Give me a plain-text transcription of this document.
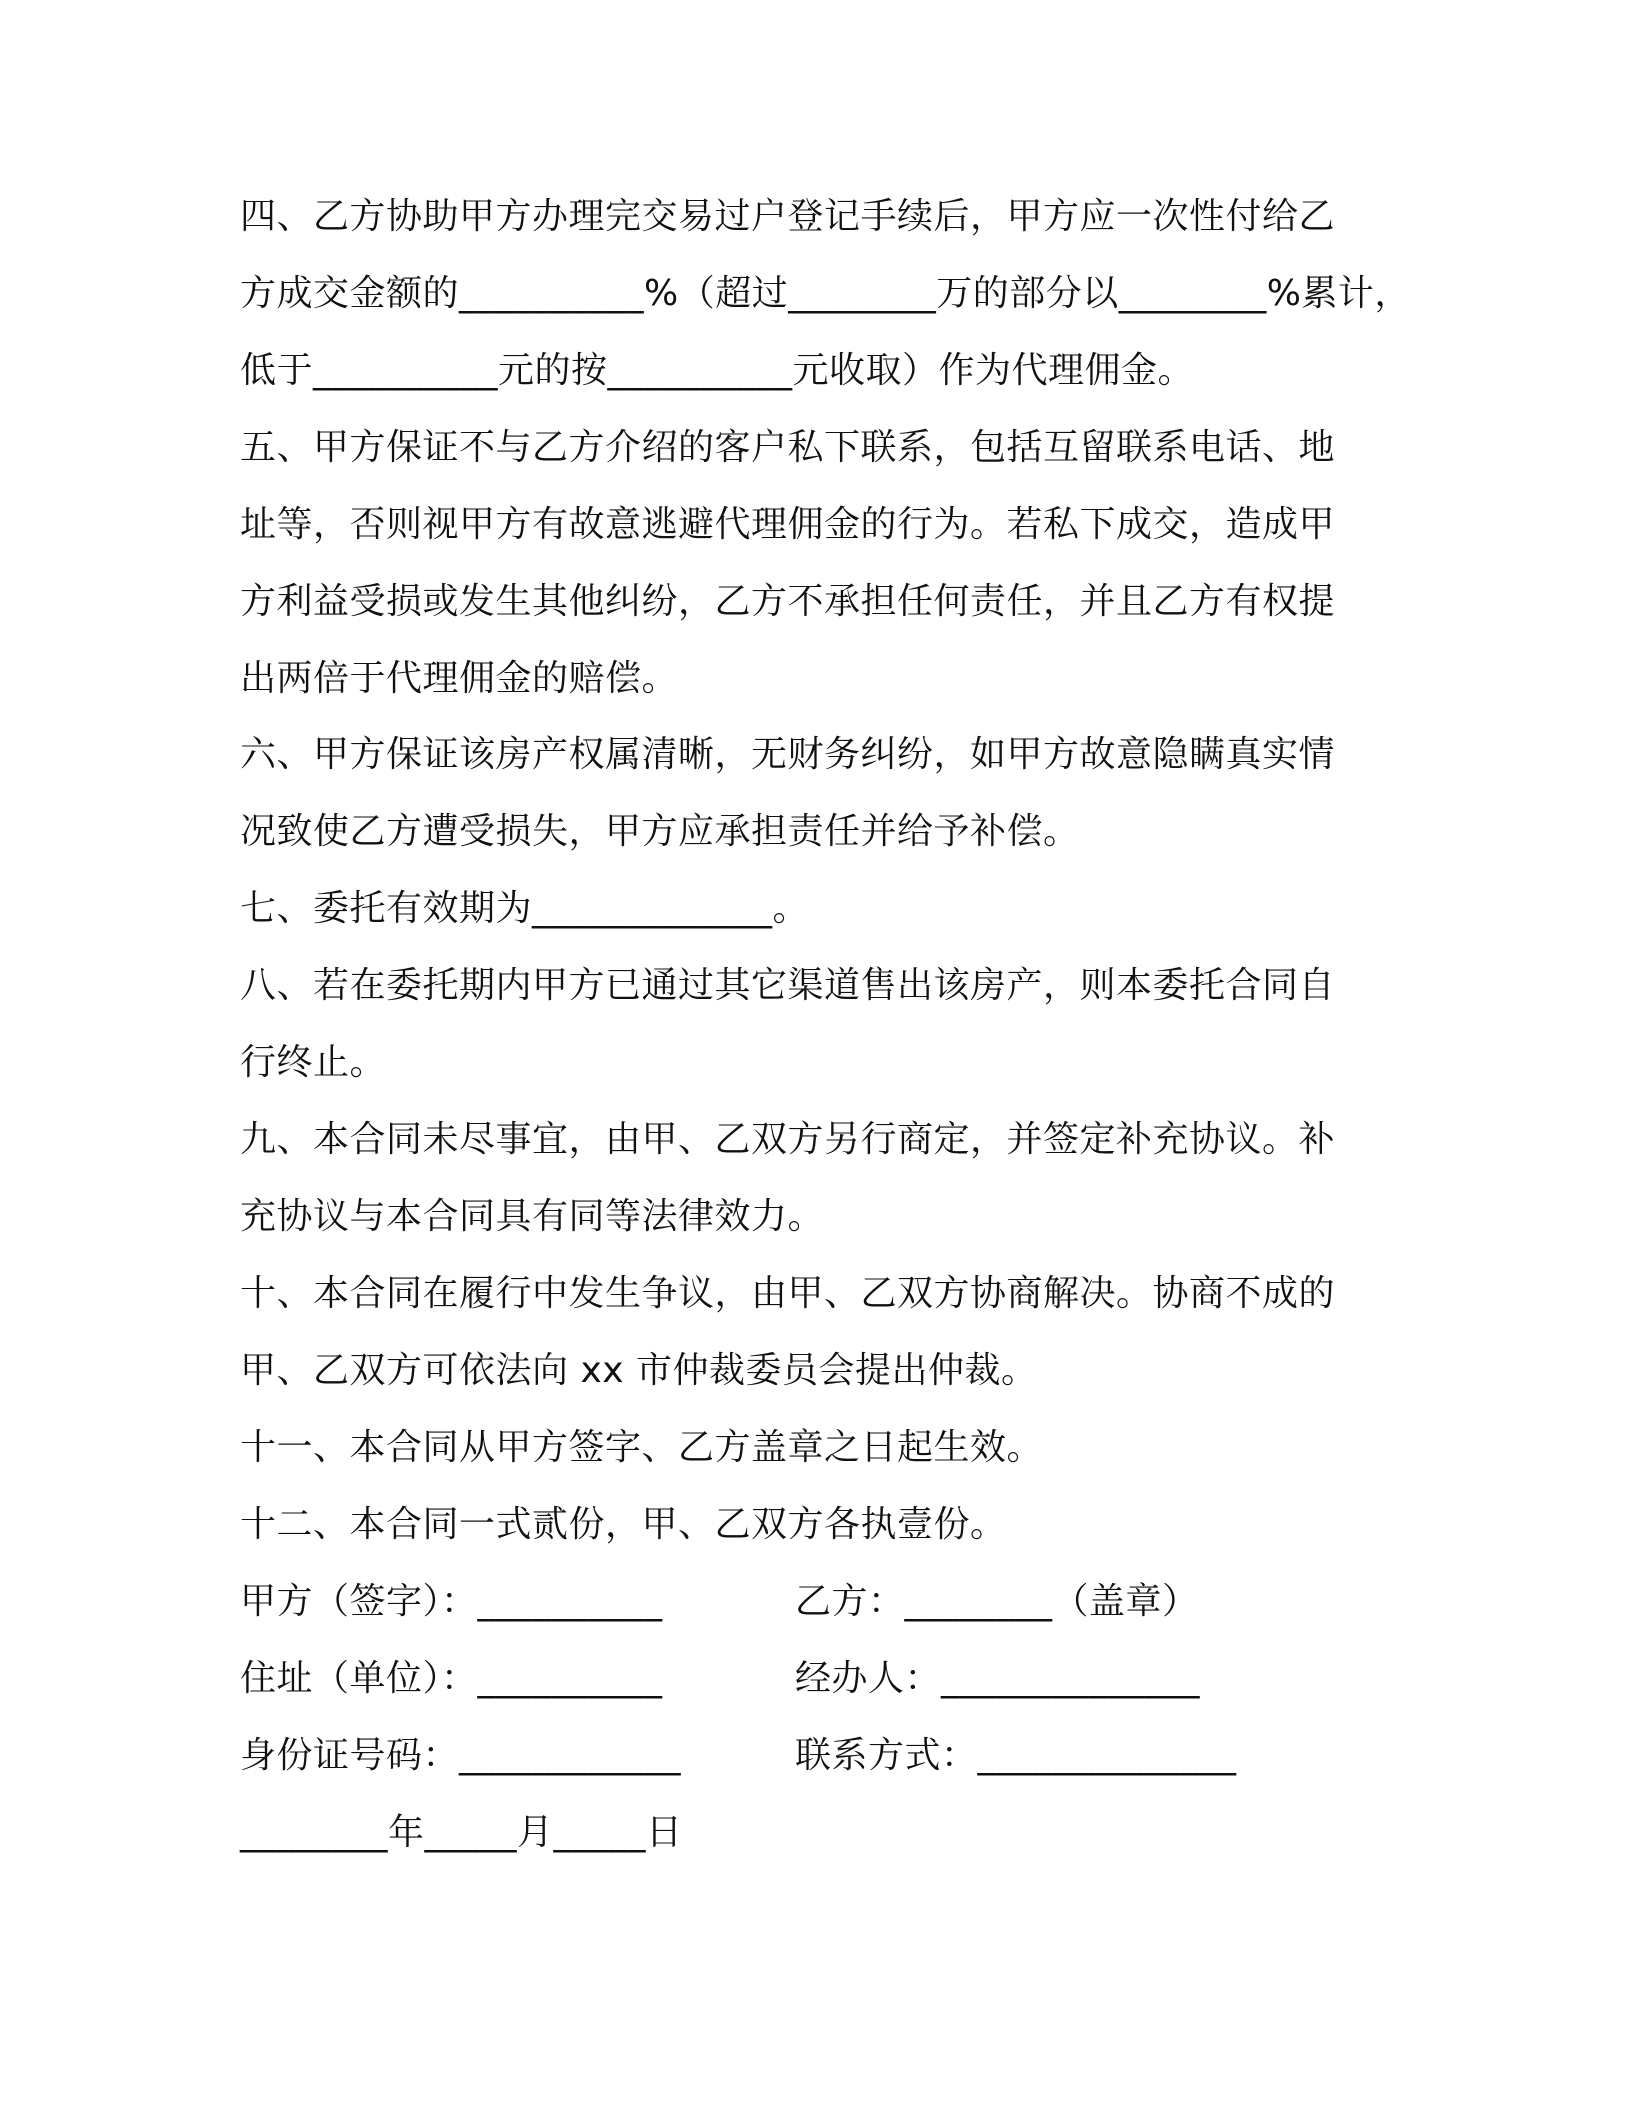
四、乙方协助甲方办理完交易过户登记手续后，甲方应一次性付给乙
方成交金额的__________%（超过________万的部分以________%累计，
低于__________元的按__________元收取）作为代理佣金。
五、甲方保证不与乙方介绍的客户私下联系，包括互留联系电话、地
址等，否则视甲方有故意逃避代理佣金的行为。若私下成交，造成甲
方利益受损或发生其他纠纷，乙方不承担任何责任，并且乙方有权提
出两倍于代理佣金的赔偿。
六、甲方保证该房产权属清晰，无财务纠纷，如甲方故意隐瞒真实情
况致使乙方遭受损失，甲方应承担责任并给予补偿。
七、委托有效期为_____________。
八、若在委托期内甲方已通过其它渠道售出该房产，则本委托合同自
行终止。
九、本合同未尽事宜，由甲、乙双方另行商定，并签定补充协议。补
充协议与本合同具有同等法律效力。
十、本合同在履行中发生争议，由甲、乙双方协商解决。协商不成的
甲、乙双方可依法向 xx 市仲裁委员会提出仲裁。
十一、本合同从甲方签字、乙方盖章之日起生效。
十二、本合同一式贰份，甲、乙双方各执壹份。
甲方（签字）：__________	乙方：________（盖章）
住址（单位）：__________	经办人：______________
身份证号码：____________	联系方式：______________
________年_____月_____日
